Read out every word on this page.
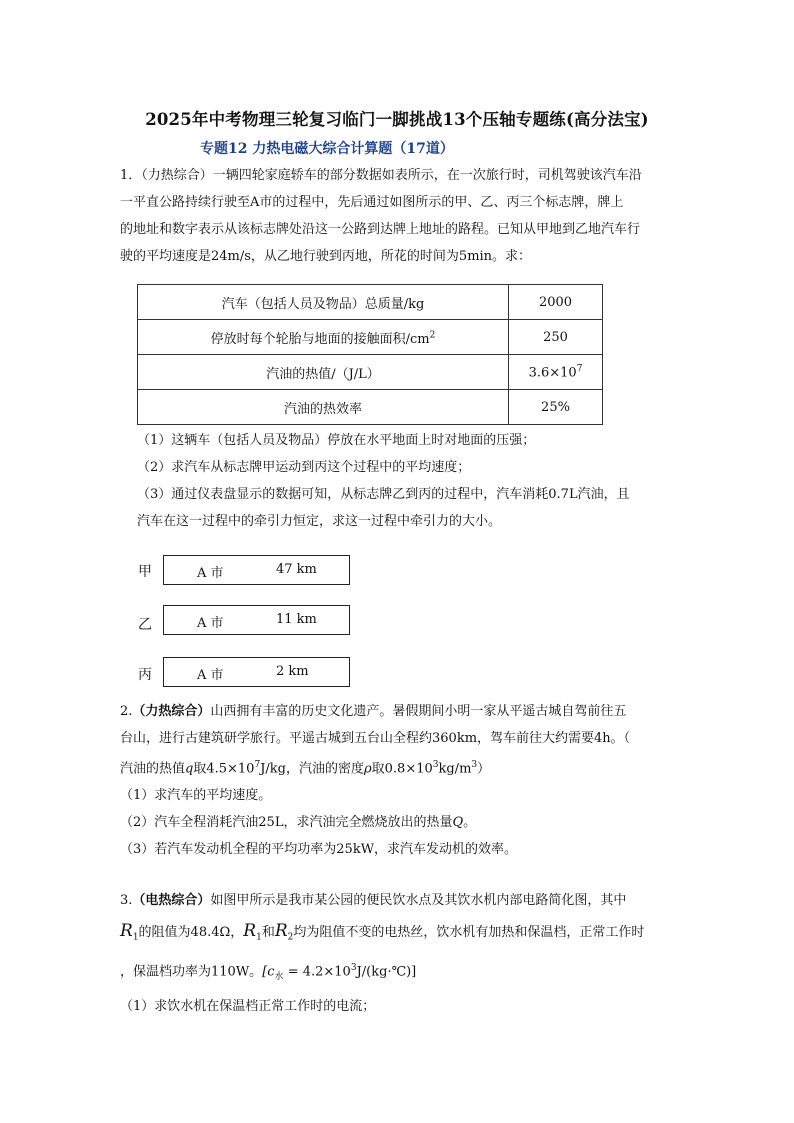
2025年中考物理三轮复习临门一脚挑战13个压轴专题练(高分法宝)
专题12 力热电磁大综合计算题（17道）
1．（力热综合）一辆四轮家庭轿车的部分数据如表所示，在一次旅行时，司机驾驶该汽车沿
一平直公路持续行驶至A市的过程中，先后通过如图所示的甲、乙、丙三个标志牌，牌上
的地址和数字表示从该标志牌处沿这一公路到达牌上地址的路程。已知从甲地到乙地汽车行
驶的平均速度是24m/s，从乙地行驶到丙地，所花的时间为5min。求：
汽车（包括人员及物品）总质量/kg	2000
停放时每个轮胎与地面的接触面积$/cm^2$	250
汽油的热值/（J/L）	$3.6\times 10^7$
汽油的热效率	25%
（1）这辆车（包括人员及物品）停放在水平地面上时对地面的压强；
（2）求汽车从标志牌甲运动到丙这个过程中的平均速度；
（3）通过仪表盘显示的数据可知，从标志牌乙到丙的过程中，汽车消耗0.7L汽油，且
汽车在这一过程中的牵引力恒定，求这一过程中牵引力的大小。
甲	A 市	47 km
乙	A 市	11 km
丙	A 市	2 km
2.（力热综合）山西拥有丰富的历史文化遗产。暑假期间小明一家从平遥古城自驾前往五
台山，进行古建筑研学旅行。平遥古城到五台山全程约360km，驾车前往大约需要4h。（
汽油的热值q取$4.5\times 10^7J/kg$，汽油的密度ρ取$0.8\times 10^3kg/m^3$）
（1）求汽车的平均速度。
（2）汽车全程消耗汽油25L，求汽油完全燃烧放出的热量Q。
（3）若汽车发动机全程的平均功率为25kW，求汽车发动机的效率。
3.（电热综合）如图甲所示是我市某公园的便民饮水点及其饮水机内部电路简化图，其中
$R_1$的阻值为48.4Ω，$R_1$和$R_2$均为阻值不变的电热丝，饮水机有加热和保温档，正常工作时
，保温档功率为110W。[$c_水$ = $4.2\times 10^3J/(kg\cdot℃)$]
（1）求饮水机在保温档正常工作时的电流；
